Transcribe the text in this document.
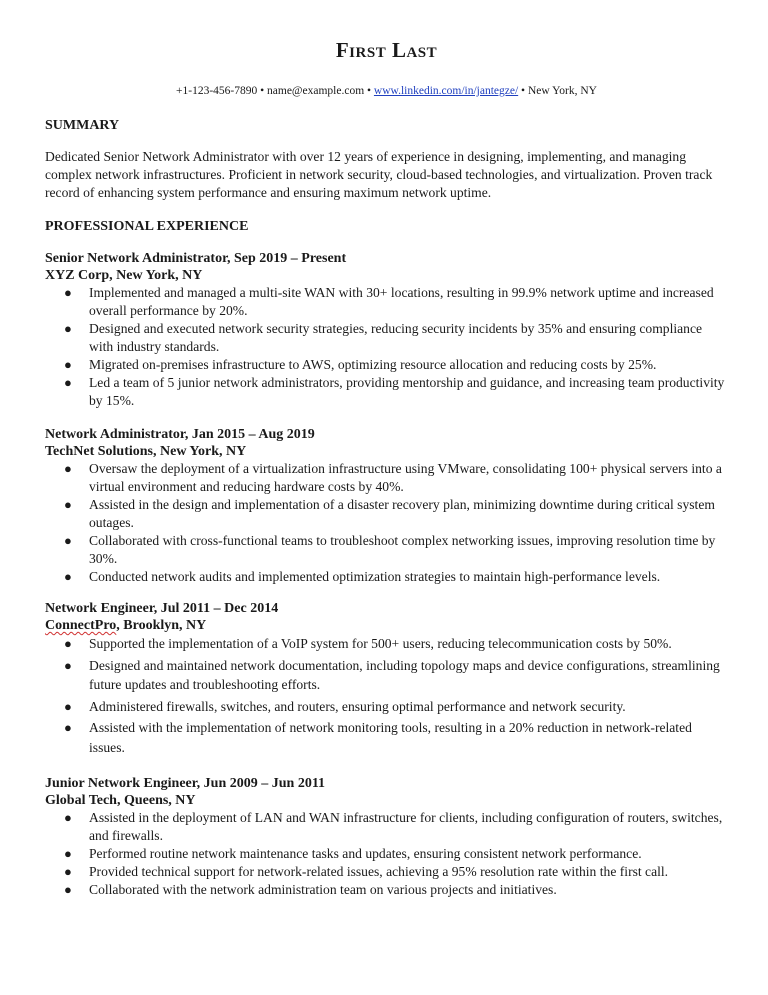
First Last
+1-123-456-7890 • name@example.com • www.linkedin.com/in/jantegze/ • New York, NY
SUMMARY
Dedicated Senior Network Administrator with over 12 years of experience in designing, implementing, and managing complex network infrastructures. Proficient in network security, cloud-based technologies, and virtualization. Proven track record of enhancing system performance and ensuring maximum network uptime.
PROFESSIONAL EXPERIENCE
Senior Network Administrator, Sep 2019 – Present
XYZ Corp, New York, NY
● Implemented and managed a multi-site WAN with 30+ locations, resulting in 99.9% network uptime and increased overall performance by 20%.
● Designed and executed network security strategies, reducing security incidents by 35% and ensuring compliance with industry standards.
● Migrated on-premises infrastructure to AWS, optimizing resource allocation and reducing costs by 25%.
● Led a team of 5 junior network administrators, providing mentorship and guidance, and increasing team productivity by 15%.
Network Administrator, Jan 2015 – Aug 2019
TechNet Solutions, New York, NY
● Oversaw the deployment of a virtualization infrastructure using VMware, consolidating 100+ physical servers into a virtual environment and reducing hardware costs by 40%.
● Assisted in the design and implementation of a disaster recovery plan, minimizing downtime during critical system outages.
● Collaborated with cross-functional teams to troubleshoot complex networking issues, improving resolution time by 30%.
● Conducted network audits and implemented optimization strategies to maintain high-performance levels.
Network Engineer, Jul 2011 – Dec 2014
ConnectPro, Brooklyn, NY
● Supported the implementation of a VoIP system for 500+ users, reducing telecommunication costs by 50%.
● Designed and maintained network documentation, including topology maps and device configurations, streamlining future updates and troubleshooting efforts.
● Administered firewalls, switches, and routers, ensuring optimal performance and network security.
● Assisted with the implementation of network monitoring tools, resulting in a 20% reduction in network-related issues.
Junior Network Engineer, Jun 2009 – Jun 2011
Global Tech, Queens, NY
● Assisted in the deployment of LAN and WAN infrastructure for clients, including configuration of routers, switches, and firewalls.
● Performed routine network maintenance tasks and updates, ensuring consistent network performance.
● Provided technical support for network-related issues, achieving a 95% resolution rate within the first call.
● Collaborated with the network administration team on various projects and initiatives.
